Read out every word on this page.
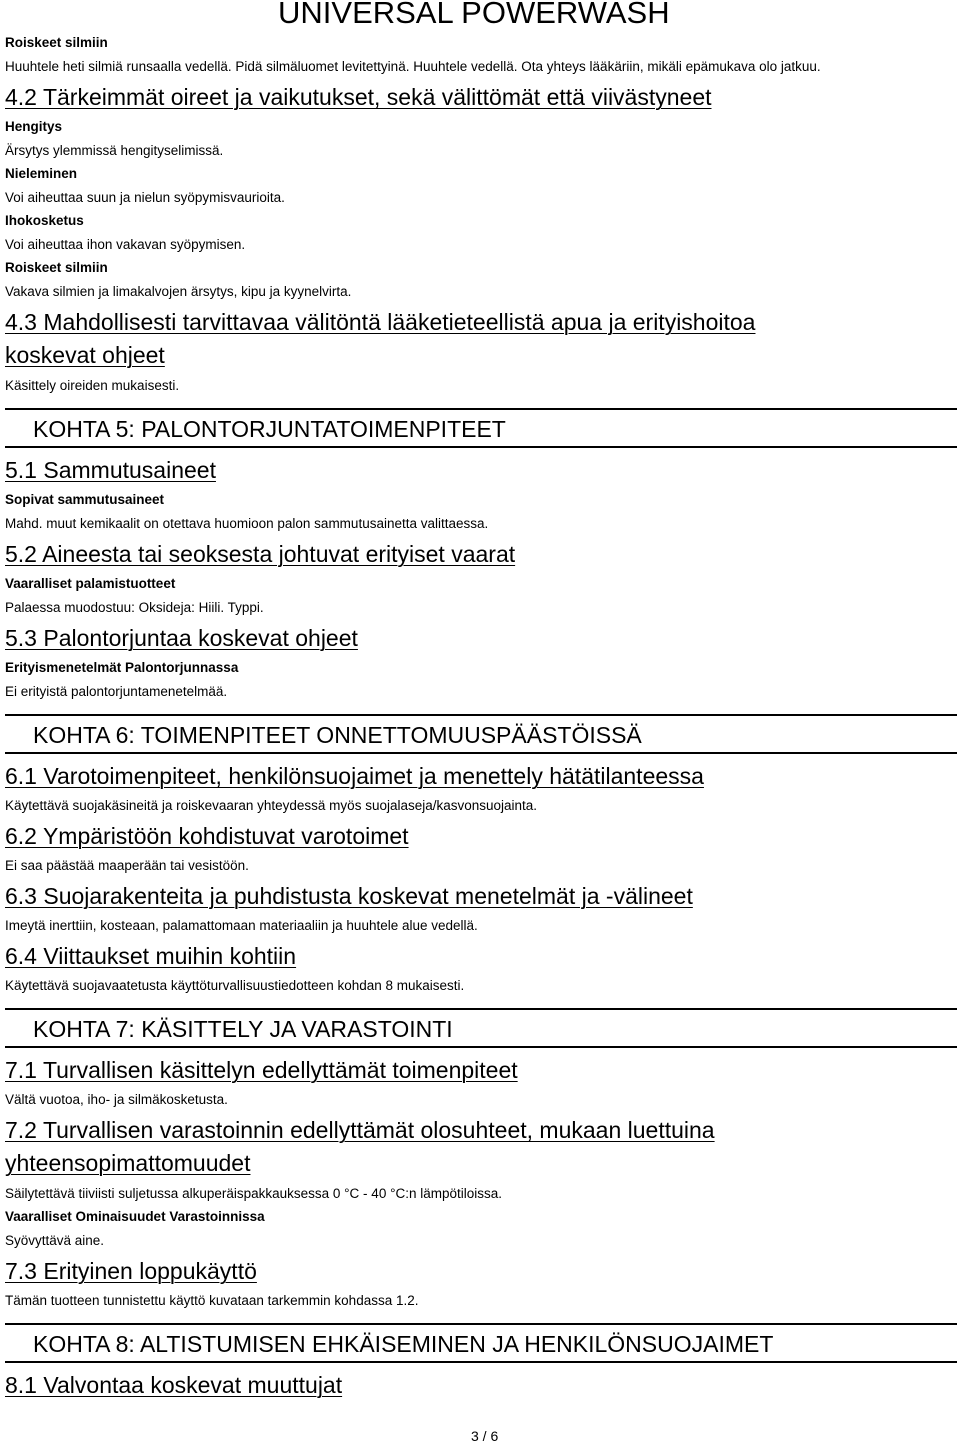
UNIVERSAL POWERWASH
Roiskeet silmiin
Huuhtele heti silmiä runsaalla vedellä. Pidä silmäluomet levitettyinä. Huuhtele vedellä. Ota yhteys lääkäriin, mikäli epämukava olo jatkuu.
4.2 Tärkeimmät oireet ja vaikutukset, sekä välittömät että viivästyneet
Hengitys
Ärsytys ylemmissä hengityselimissä.
Nieleminen
Voi aiheuttaa suun ja nielun syöpymisvaurioita.
Ihokosketus
Voi aiheuttaa ihon vakavan syöpymisen.
Roiskeet silmiin
Vakava silmien ja limakalvojen ärsytys, kipu ja kyynelvirta.
4.3 Mahdollisesti tarvittavaa välitöntä lääketieteellistä apua ja erityishoitoa
koskevat ohjeet
Käsittely oireiden mukaisesti.
KOHTA 5: PALONTORJUNTATOIMENPITEET
5.1 Sammutusaineet
Sopivat sammutusaineet
Mahd. muut kemikaalit on otettava huomioon palon sammutusainetta valittaessa.
5.2 Aineesta tai seoksesta johtuvat erityiset vaarat
Vaaralliset palamistuotteet
Palaessa muodostuu: Oksideja: Hiili. Typpi.
5.3 Palontorjuntaa koskevat ohjeet
Erityismenetelmät Palontorjunnassa
Ei erityistä palontorjuntamenetelmää.
KOHTA 6: TOIMENPITEET ONNETTOMUUSPÄÄSTÖISSÄ
6.1 Varotoimenpiteet, henkilönsuojaimet ja menettely hätätilanteessa
Käytettävä suojakäsineitä ja roiskevaaran yhteydessä myös suojalaseja/kasvonsuojainta.
6.2 Ympäristöön kohdistuvat varotoimet
Ei saa päästää maaperään tai vesistöön.
6.3 Suojarakenteita ja puhdistusta koskevat menetelmät ja -välineet
Imeytä inerttiin, kosteaan, palamattomaan materiaaliin ja huuhtele alue vedellä.
6.4 Viittaukset muihin kohtiin
Käytettävä suojavaatetusta käyttöturvallisuustiedotteen kohdan 8 mukaisesti.
KOHTA 7: KÄSITTELY JA VARASTOINTI
7.1 Turvallisen käsittelyn edellyttämät toimenpiteet
Vältä vuotoa, iho- ja silmäkosketusta.
7.2 Turvallisen varastoinnin edellyttämät olosuhteet, mukaan luettuina
yhteensopimattomuudet
Säilytettävä tiiviisti suljetussa alkuperäispakkauksessa 0 °C - 40 °C:n lämpötiloissa.
Vaaralliset Ominaisuudet Varastoinnissa
Syövyttävä aine.
7.3 Erityinen loppukäyttö
Tämän tuotteen tunnistettu käyttö kuvataan tarkemmin kohdassa 1.2.
KOHTA 8: ALTISTUMISEN EHKÄISEMINEN JA HENKILÖNSUOJAIMET
8.1 Valvontaa koskevat muuttujat
3 / 6
